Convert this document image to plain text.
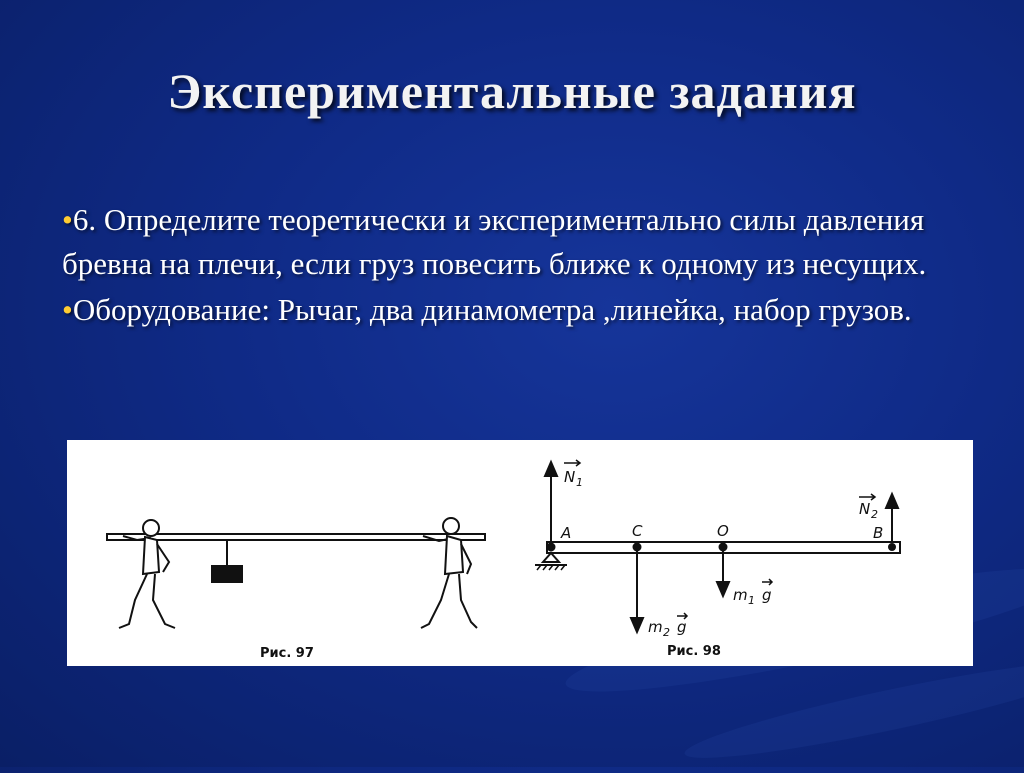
Экспериментальные задания

•6. Определите теоретически и экспериментально силы давления бревна на плечи, если груз повесить ближе к одному из несущих.

•Оборудование: Рычаг, два динамометра ,линейка, набор грузов.

N 1
A	C	O
N 2
B
m 1 g
m 2 g
Рис. 97	Рис. 98
